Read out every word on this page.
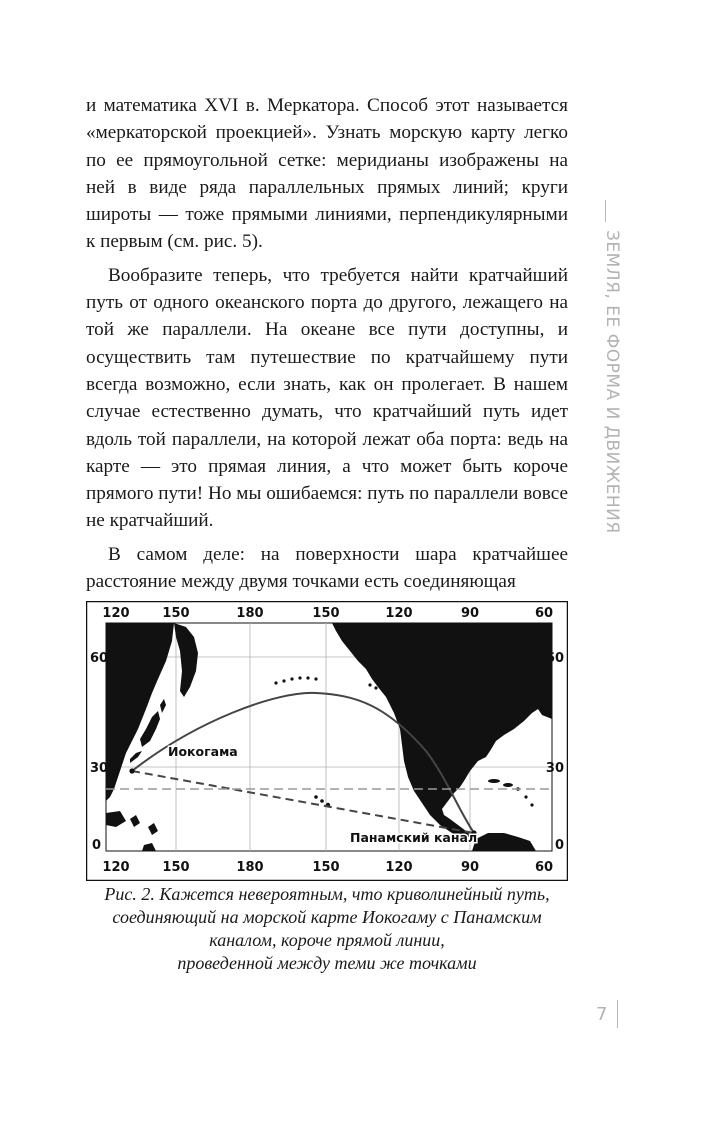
и математика XVI в. Меркатора. Способ этот называется «меркаторской проекцией». Узнать морскую карту легко по ее прямоугольной сетке: меридианы изображены на ней в виде ряда параллельных прямых линий; круги широты — тоже прямыми линиями, перпендикулярными к первым (см. рис. 5).

Вообразите теперь, что требуется найти кратчайший путь от одного океанского порта до другого, лежащего на той же параллели. На океане все пути доступны, и осуществить там путешествие по кратчайшему пути всегда возможно, если знать, как он пролегает. В нашем случае естественно думать, что кратчайший путь идет вдоль той параллели, на которой лежат оба порта: ведь на карте — это прямая линия, а что может быть короче прямого пути! Но мы ошибаемся: путь по параллели вовсе не кратчайший.

В самом деле: на поверхности шара кратчайшее расстояние между двумя точками есть соединяющая

ЗЕМЛЯ, ЕЕ ФОРМА И ДВИЖЕНИЯ
Иокогама
Панамский канал
120	150	180	150	120	90	60
120	150	180	150	120	90	60
60
30
0
60
30
0
Рис. 2. Кажется невероятным, что криволинейный путь,
соединяющий на морской карте Иокогаму с Панамским
каналом, короче прямой линии,
проведенной между теми же точками
7
